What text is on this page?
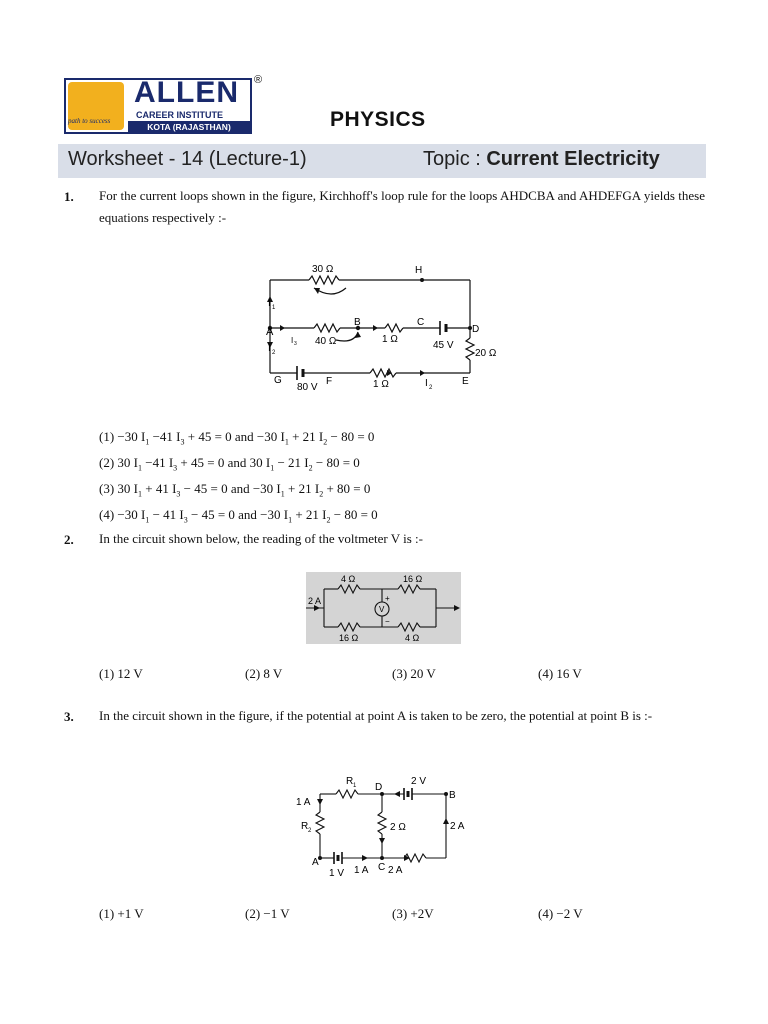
path to success
ALLEN
CAREER INSTITUTE
KOTA (RAJASTHAN)
®
PHYSICS
Worksheet - 14 (Lecture-1)	Topic : Current Electricity
1. For the current loops shown in the figure, Kirchhoff's loop rule for the loops AHDCBA and AHDEFGA yields these equations respectively :-
30 Ω	H
I 1
A
B	C
D
40 Ω
I 3	1 Ω
45 V
20 Ω
I 2
G
80 V
F	1 Ω	I 2
E
(1) −30 $I_1 -41$ $I_3 + 45 = 0$ and −30 $I_1 + 21$ $I_2 - 80 = 0$
(2) 30 $I_1 -41$ $I_3 + 45 = 0$ and 30 $I_1 - 21$ $I_2 - 80 = 0$
(3) 30 $I_1 + 41$ $I_3 - 45 = 0$ and −30 $I_1 + 21$ $I_2 + 80 = 0$
(4) −30 $I_1 - 41$ $I_3 - 45 = 0$ and −30 $I_1 + 21$ $I_2 - 80 = 0$
2. In the circuit shown below, the reading of the voltmeter V is :-
4 Ω	16 Ω
2 A
V
+
−
16 Ω	4 Ω
(1) 12 V	(2) 8 V	(3) 20 V	(4) 16 V
3. In the circuit shown in the figure, if the potential at point A is taken to be zero, the potential at point B is :-
R 1 D
2 V
B
1 A
R 2	2 Ω	2 A
A	C
1 V 1 A 2 A
(1) +1 V	(2) −1 V	(3) +2V	(4) −2 V
